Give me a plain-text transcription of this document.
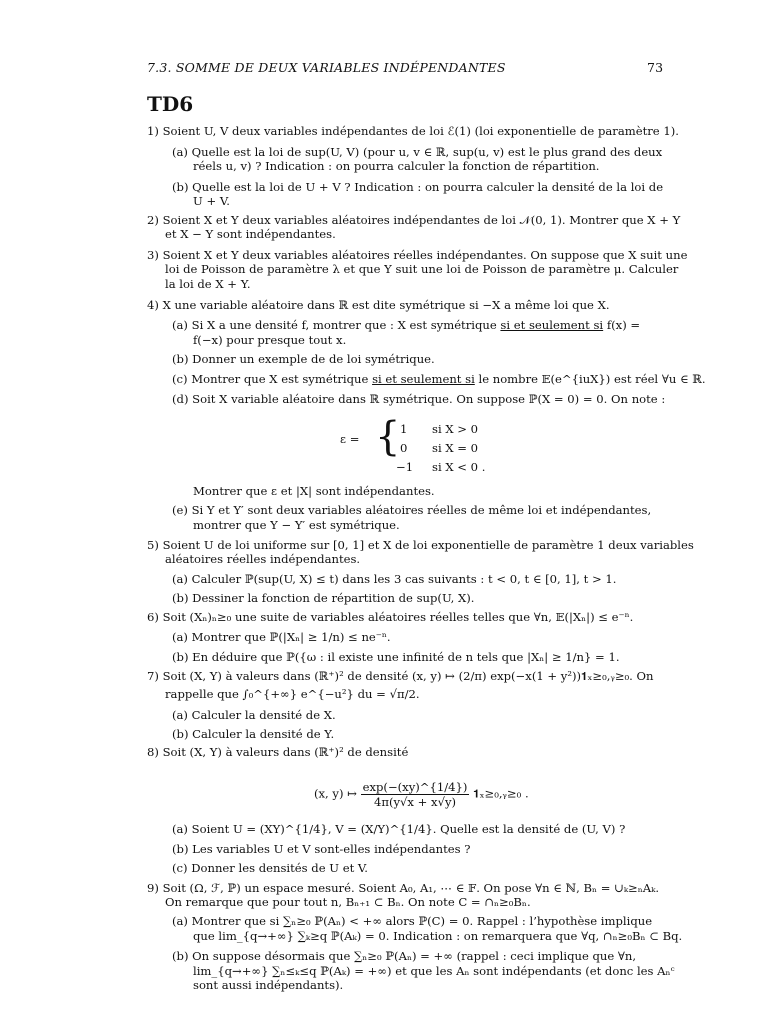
7.3. SOMME DE DEUX VARIABLES INDÉPENDANTES	73
TD6
1) Soient U, V deux variables indépendantes de loi ℰ(1) (loi exponentielle de paramètre 1).
(a) Quelle est la loi de sup(U, V) (pour u, v ∈ ℝ, sup(u, v) est le plus grand des deux
réels u, v) ? Indication : on pourra calculer la fonction de répartition.
(b) Quelle est la loi de U + V ? Indication : on pourra calculer la densité de la loi de
U + V.
2) Soient X et Y deux variables aléatoires indépendantes de loi 𝒩(0, 1). Montrer que X + Y
et X − Y sont indépendantes.
3) Soient X et Y deux variables aléatoires réelles indépendantes. On suppose que X suit une
loi de Poisson de paramètre λ et que Y suit une loi de Poisson de paramètre μ. Calculer
la loi de X + Y.
4) X une variable aléatoire dans ℝ est dite symétrique si −X a même loi que X.
(a) Si X a une densité f, montrer que : X est symétrique si et seulement si f(x) =
f(−x) pour presque tout x.
(b) Donner un exemple de de loi symétrique.
(c) Montrer que X est symétrique si et seulement si le nombre 𝔼(e^{iuX}) est réel ∀u ∈ ℝ.
(d) Soit X variable aléatoire dans ℝ symétrique. On suppose ℙ(X = 0) = 0. On note :
ε = { 1
0
−1
si X > 0
si X = 0
si X < 0 .
Montrer que ε et |X| sont indépendantes.
(e) Si Y et Y′ sont deux variables aléatoires réelles de même loi et indépendantes,
montrer que Y − Y′ est symétrique.
5) Soient U de loi uniforme sur [0, 1] et X de loi exponentielle de paramètre 1 deux variables
aléatoires réelles indépendantes.
(a) Calculer ℙ(sup(U, X) ≤ t) dans les 3 cas suivants : t < 0, t ∈ [0, 1], t > 1.
(b) Dessiner la fonction de répartition de sup(U, X).
6) Soit (Xₙ)ₙ≥₀ une suite de variables aléatoires réelles telles que ∀n, 𝔼(|Xₙ|) ≤ e⁻ⁿ.
(a) Montrer que ℙ(|Xₙ| ≥ 1/n) ≤ ne⁻ⁿ.
(b) En déduire que ℙ({ω : il existe une infinité de n tels que |Xₙ| ≥ 1/n} = 1.
7) Soit (X, Y) à valeurs dans (ℝ⁺)² de densité (x, y) ↦ (2/π) exp(−x(1 + y²))𝟏ₓ≥₀,ᵧ≥₀. On
rappelle que ∫₀^{+∞} e^{−u²} du = √π/2.
(a) Calculer la densité de X.
(b) Calculer la densité de Y.
8) Soit (X, Y) à valeurs dans (ℝ⁺)² de densité
(x, y) ↦ $\frac{\exp(-(xy)\^{}\{1/4\})}{4\pi(y√x + x√y)}$ 𝟏ₓ≥₀,ᵧ≥₀ .
(a) Soient U = (XY)^{1/4}, V = (X/Y)^{1/4}. Quelle est la densité de (U, V) ?
(b) Les variables U et V sont-elles indépendantes ?
(c) Donner les densités de U et V.
9) Soit (Ω, ℱ, ℙ) un espace mesuré. Soient A₀, A₁, ⋯ ∈ 𝔽. On pose ∀n ∈ ℕ, Bₙ = ∪ₖ≥ₙAₖ.
On remarque que pour tout n, Bₙ₊₁ ⊂ Bₙ. On note C = ∩ₙ≥₀Bₙ.
(a) Montrer que si ∑ₙ≥₀ ℙ(Aₙ) < +∞ alors ℙ(C) = 0. Rappel : l’hypothèse implique
que lim_{q→+∞} ∑ₖ≥q ℙ(Aₖ) = 0. Indication : on remarquera que ∀q, ∩ₙ≥₀Bₙ ⊂ Bq.
(b) On suppose désormais que ∑ₙ≥₀ ℙ(Aₙ) = +∞ (rappel : ceci implique que ∀n,
lim_{q→+∞} ∑ₙ≤ₖ≤q ℙ(Aₖ) = +∞) et que les Aₙ sont indépendants (et donc les Aₙᶜ
sont aussi indépendants).
